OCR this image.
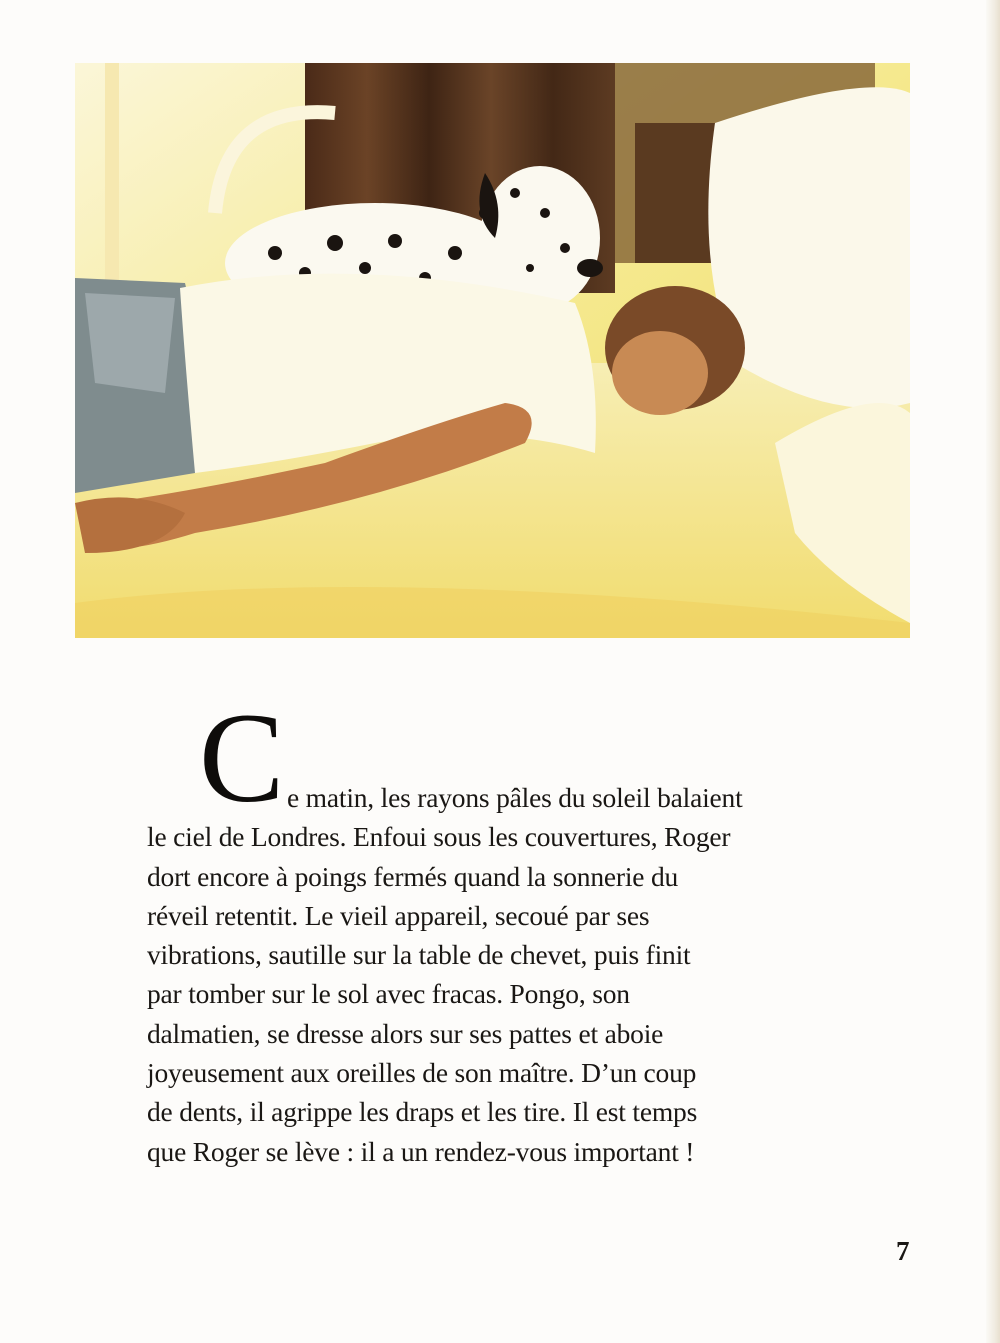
C e matin, les rayons pâles du soleil balaient
le ciel de Londres. Enfoui sous les couvertures, Roger
dort encore à poings fermés quand la sonnerie du
réveil retentit. Le vieil appareil, secoué par ses
vibrations, sautille sur la table de chevet, puis finit
par tomber sur le sol avec fracas. Pongo, son
dalmatien, se dresse alors sur ses pattes et aboie
joyeusement aux oreilles de son maître. D’un coup
de dents, il agrippe les draps et les tire. Il est temps
que Roger se lève : il a un rendez-vous important !
7
